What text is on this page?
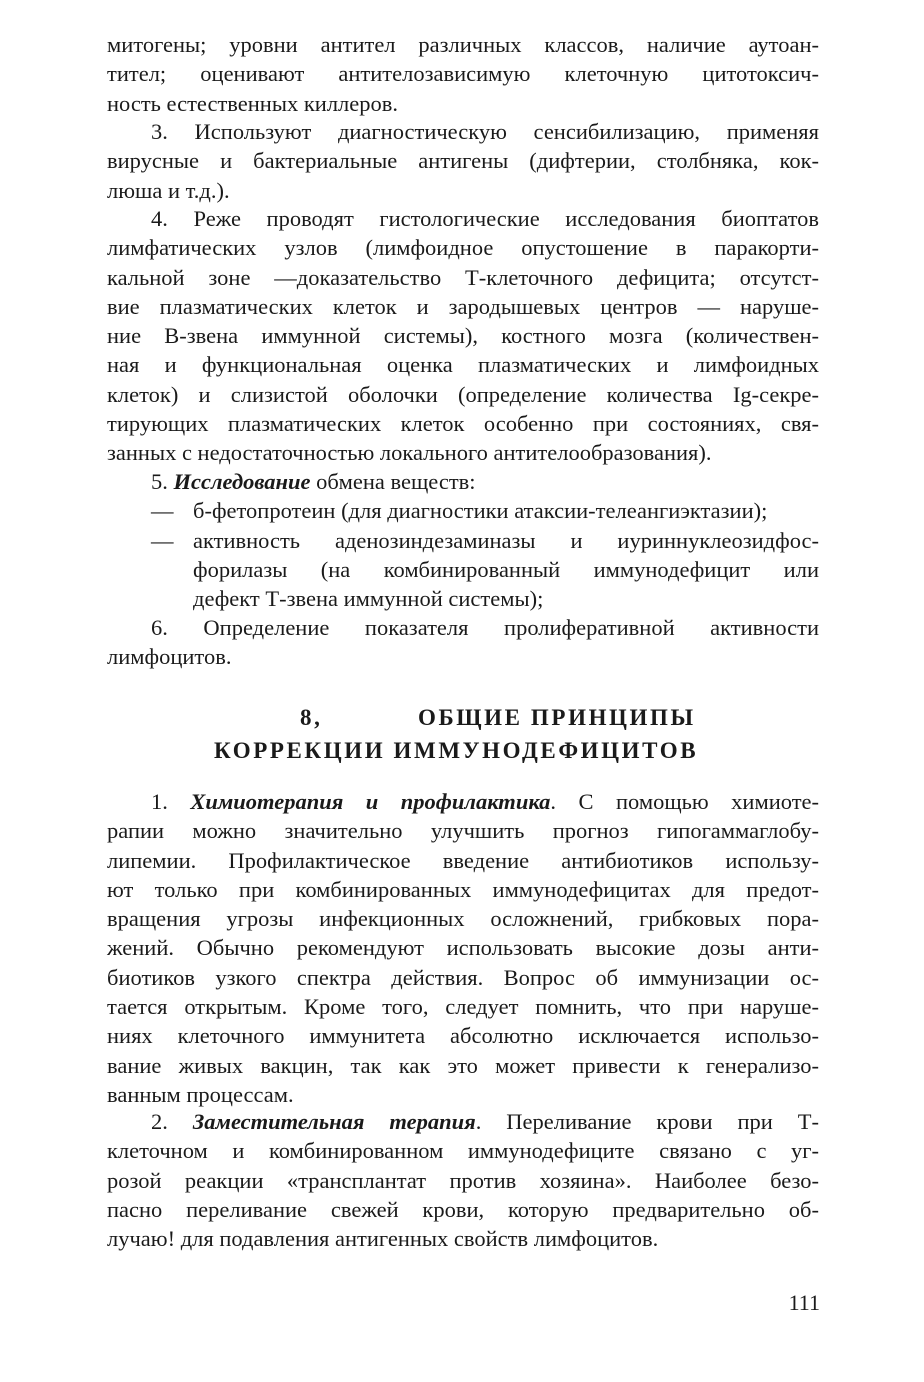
митогены; уровни антител различных классов, наличие аутоан-
тител; оценивают антителозависимую клеточную цитотоксич-
ность естественных киллеров.
3. Используют диагностическую сенсибилизацию, применяя
вирусные и бактериальные антигены (дифтерии, столбняка, кок-
люша и т.д.).
4. Реже проводят гистологические исследования биоптатов
лимфатических узлов (лимфоидное опустошение в паракорти-
кальной зоне —доказательство Т-клеточного дефицита; отсутст-
вие плазматических клеток и зародышевых центров — наруше-
ние В-звена иммунной системы), костного мозга (количествен-
ная и функциональная оценка плазматических и лимфоидных
клеток) и слизистой оболочки (определение количества Ig-секре-
тирующих плазматических клеток особенно при состояниях, свя-
занных с недостаточностью локального антителообразования).
5. Исследование обмена веществ:
— б-фетопротеин (для диагностики атаксии-телеангиэктазии);
— активность аденозиндезаминазы и иуриннуклеозидфос-
форилазы (на комбинированный иммунодефицит или
дефект Т-звена иммунной системы);
6. Определение показателя пролиферативной активности
лимфоцитов.
8,	ОБЩИЕ ПРИНЦИПЫ
КОРРЕКЦИИ ИММУНОДЕФИЦИТОВ
1. Химиотерапия и профилактика. С помощью химиоте-
рапии можно значительно улучшить прогноз гипогаммаглобу-
липемии. Профилактическое введение антибиотиков использу-
ют только при комбинированных иммунодефицитах для предот-
вращения угрозы инфекционных осложнений, грибковых пора-
жений. Обычно рекомендуют использовать высокие дозы анти-
биотиков узкого спектра действия. Вопрос об иммунизации ос-
тается открытым. Кроме того, следует помнить, что при наруше-
ниях клеточного иммунитета абсолютно исключается использо-
вание живых вакцин, так как это может привести к генерализо-
ванным процессам.
2. Заместительная терапия. Переливание крови при Т-
клеточном и комбинированном иммунодефиците связано с уг-
розой реакции «трансплантат против хозяина». Наиболее безо-
пасно переливание свежей крови, которую предварительно об-
лучаю! для подавления антигенных свойств лимфоцитов.
111
